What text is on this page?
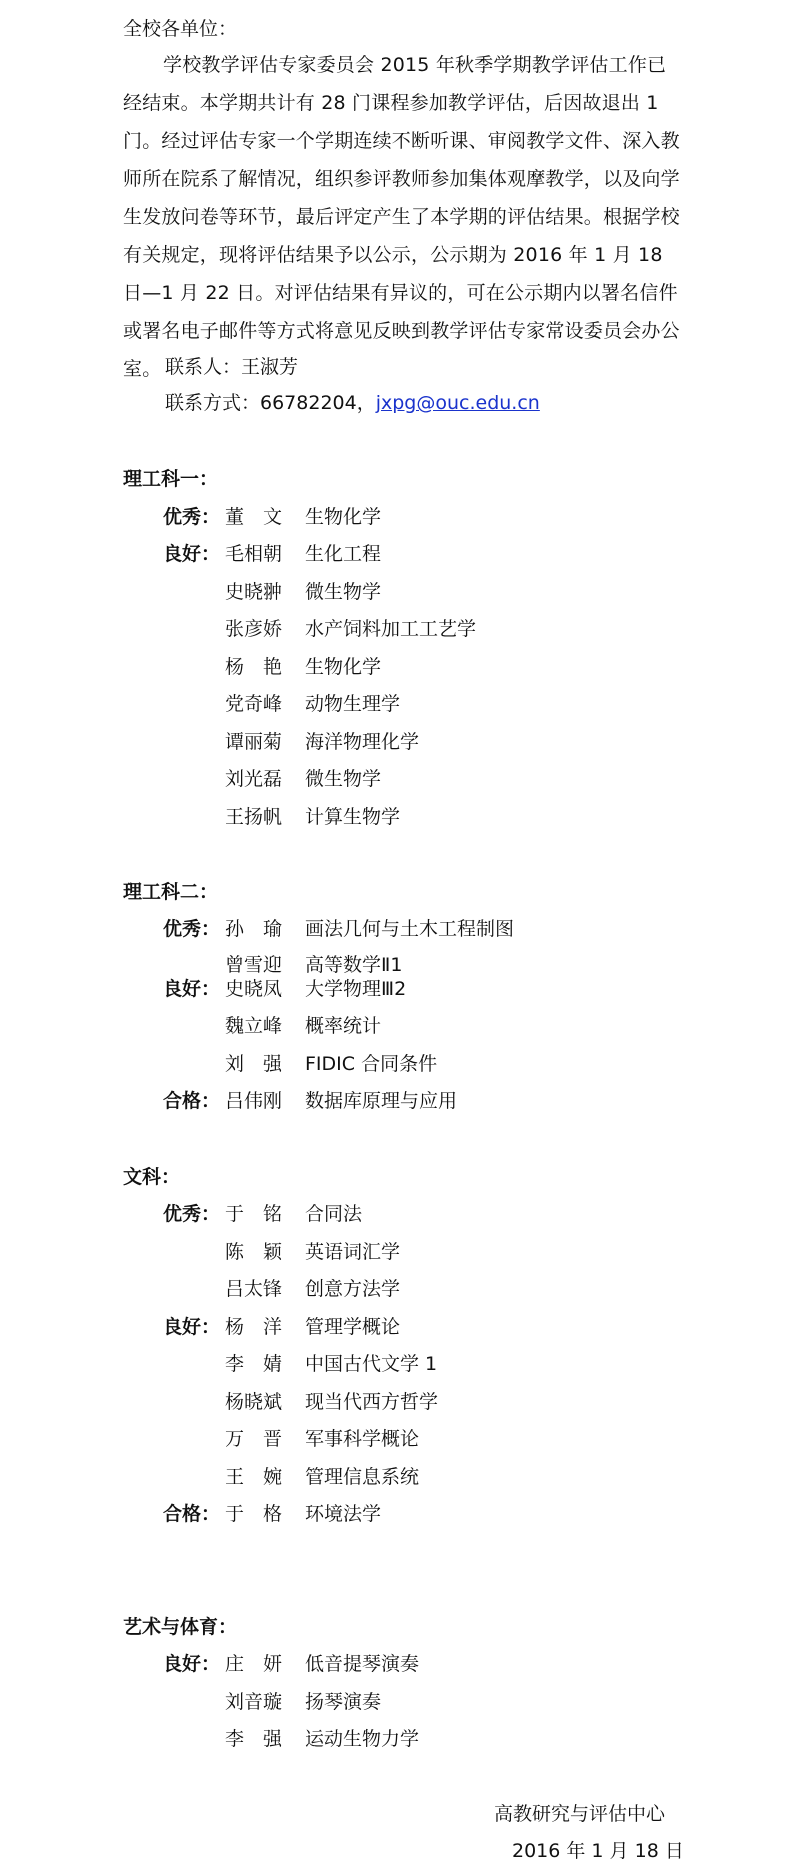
全校各单位：
学校教学评估专家委员会 2015 年秋季学期教学评估工作已经结束。本学期共计有 28 门课程参加教学评估，后因故退出 1 门。经过评估专家一个学期连续不断听课、审阅教学文件、深入教师所在院系了解情况，组织参评教师参加集体观摩教学，以及向学生发放问卷等环节，最后评定产生了本学期的评估结果。根据学校有关规定，现将评估结果予以公示，公示期为 2016 年 1 月 18 日—1 月 22 日。对评估结果有异议的，可在公示期内以署名信件或署名电子邮件等方式将意见反映到教学评估专家常设委员会办公室。 联系人：王淑芳
联系方式：66782204，jxpg@ouc.edu.cn
理工科一：
优秀： 董　文 生物化学
良好： 毛相朝 生化工程
史晓翀 微生物学
张彦娇 水产饲料加工工艺学
杨　艳 生物化学
党奇峰 动物生理学
谭丽菊 海洋物理化学
刘光磊 微生物学
王扬帆 计算生物学
理工科二：
优秀： 孙　瑜 画法几何与土木工程制图
曾雪迎 高等数学Ⅱ1
良好： 史晓凤 大学物理Ⅲ2
魏立峰 概率统计
刘　强 FIDIC 合同条件
合格： 吕伟刚 数据库原理与应用
文科：
优秀： 于　铭 合同法
陈　颖 英语词汇学
吕太锋 创意方法学
良好： 杨　洋 管理学概论
李　婧 中国古代文学 1
杨晓斌 现当代西方哲学
万　晋 军事科学概论
王　婉 管理信息系统
合格： 于　格 环境法学
艺术与体育：
良好： 庄　妍 低音提琴演奏
刘音璇 扬琴演奏
李　强 运动生物力学
高教研究与评估中心
2016 年 1 月 18 日
